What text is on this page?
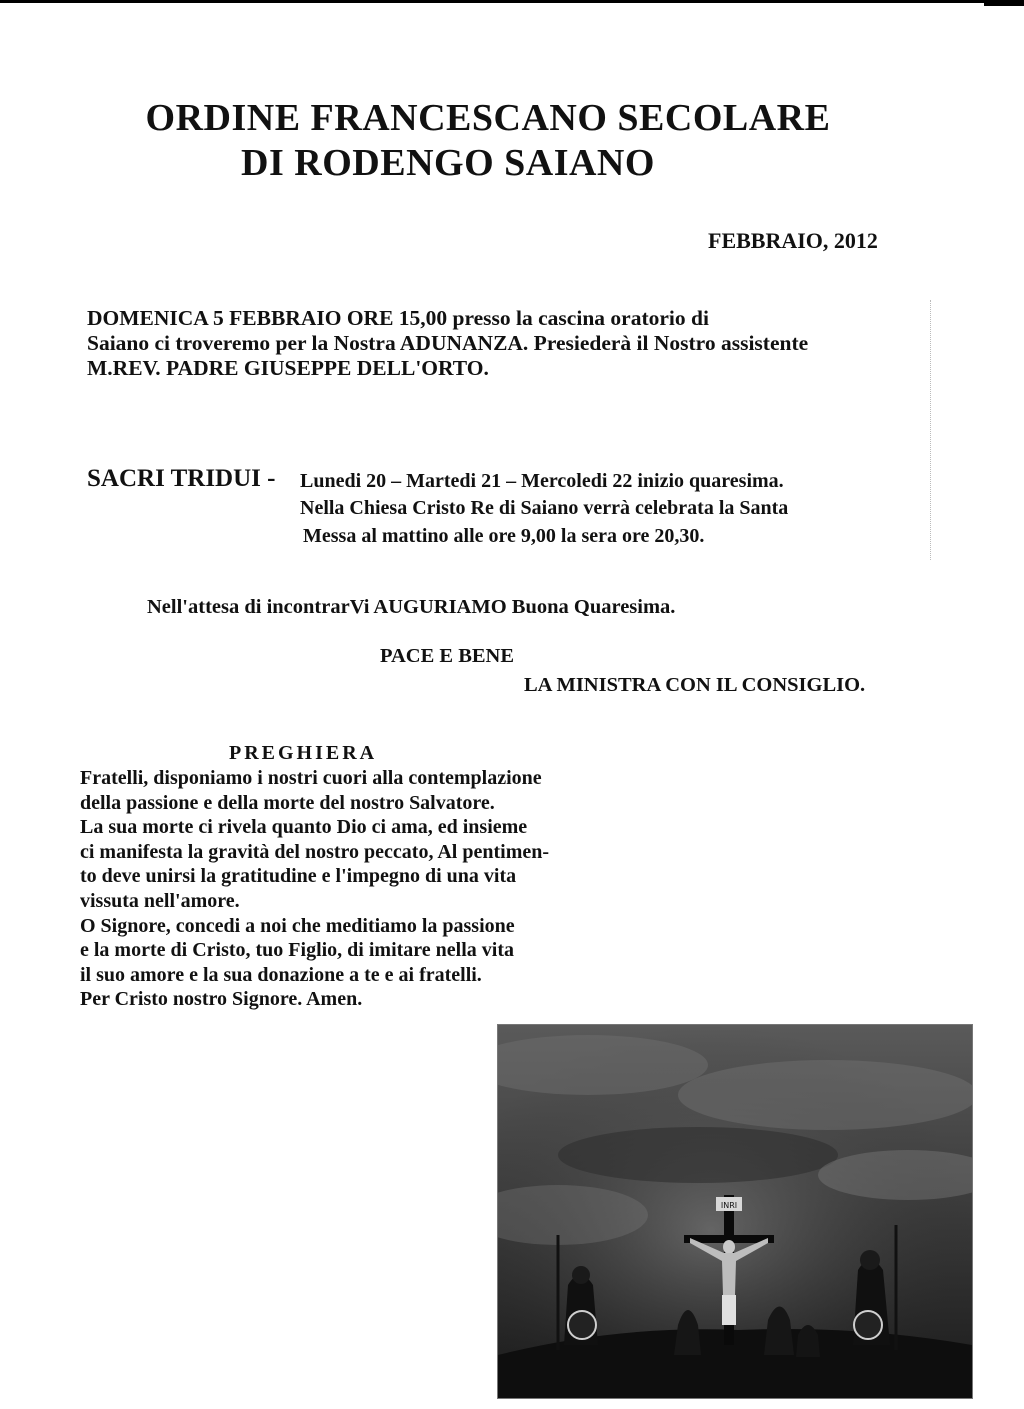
ORDINE FRANCESCANO SECOLARE
DI RODENGO SAIANO
FEBBRAIO, 2012
DOMENICA 5 FEBBRAIO ORE 15,00 presso la cascina oratorio di
Saiano ci troveremo per la Nostra ADUNANZA. Presiederà il Nostro assistente
M.REV. PADRE GIUSEPPE DELL'ORTO.
SACRI TRIDUI - Lunedi 20 – Martedi 21 – Mercoledi 22 inizio quaresima.
Nella Chiesa Cristo Re di Saiano verrà celebrata la Santa
Messa al mattino alle ore 9,00 la sera ore 20,30.
Nell'attesa di incontrarVi AUGURIAMO Buona Quaresima.
PACE E BENE
LA MINISTRA CON IL CONSIGLIO.
PREGHIERA
Fratelli, disponiamo i nostri cuori alla contemplazione
della passione e della morte del nostro Salvatore.
La sua morte ci rivela quanto Dio ci ama, ed insieme
ci manifesta la gravità del nostro peccato, Al pentimen-
to deve unirsi la gratitudine e l'impegno di una vita
vissuta nell'amore.
O Signore, concedi a noi che meditiamo la passione
e la morte di Cristo, tuo Figlio, di imitare nella vita
il suo amore e la sua donazione a te e ai fratelli.
Per Cristo nostro Signore. Amen.
INRI
